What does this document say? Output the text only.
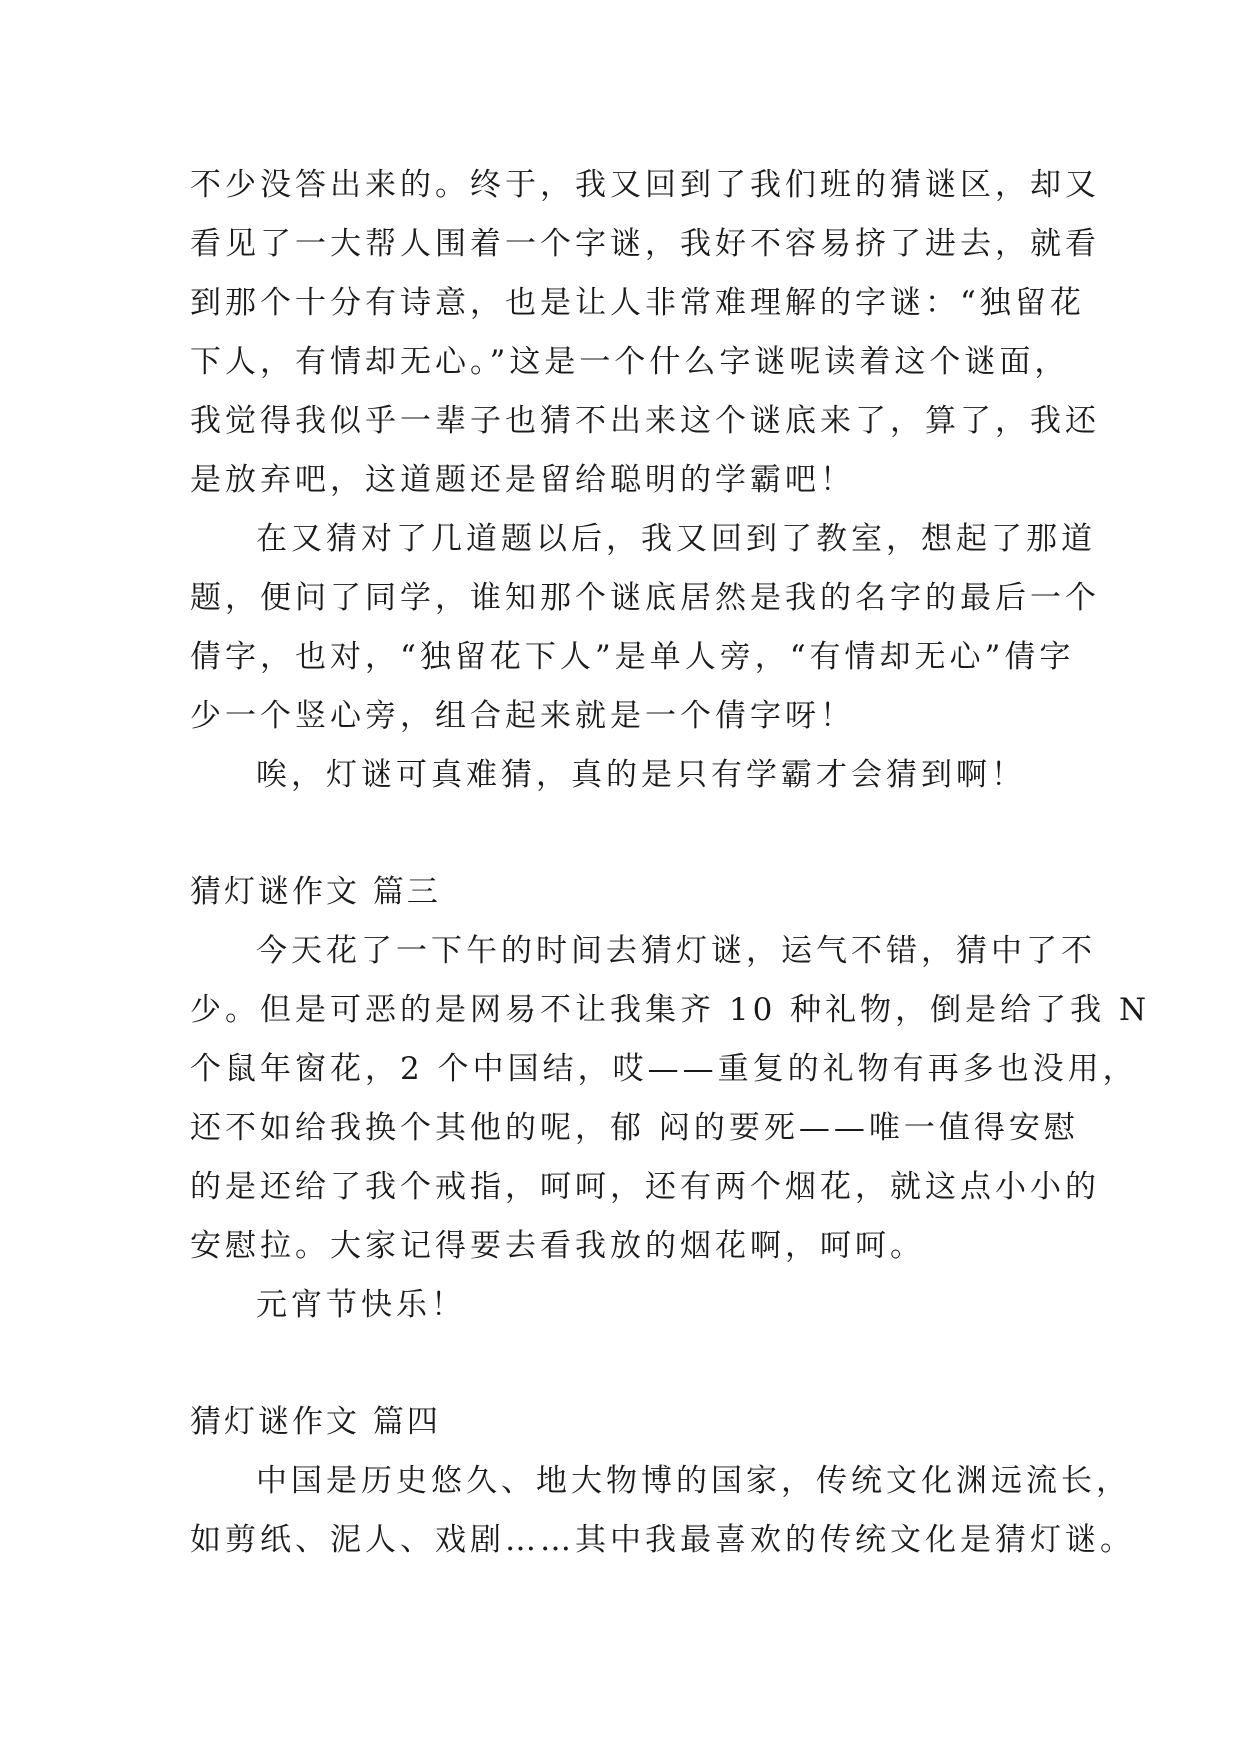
不少没答出来的。终于，我又回到了我们班的猜谜区，却又
看见了一大帮人围着一个字谜，我好不容易挤了进去，就看
到那个十分有诗意，也是让人非常难理解的字谜：“独留花
下人，有情却无心。”这是一个什么字谜呢读着这个谜面，
我觉得我似乎一辈子也猜不出来这个谜底来了，算了，我还
是放弃吧，这道题还是留给聪明的学霸吧！
在又猜对了几道题以后，我又回到了教室，想起了那道
题，便问了同学，谁知那个谜底居然是我的名字的最后一个
倩字，也对，“独留花下人”是单人旁，“有情却无心”倩字
少一个竖心旁，组合起来就是一个倩字呀！
唉，灯谜可真难猜，真的是只有学霸才会猜到啊！
猜灯谜作文 篇三
今天花了一下午的时间去猜灯谜，运气不错，猜中了不
少。但是可恶的是网易不让我集齐 10 种礼物，倒是给了我 N
个鼠年窗花，2 个中国结，哎——重复的礼物有再多也没用，
还不如给我换个其他的呢，郁 闷的要死——唯一值得安慰
的是还给了我个戒指，呵呵，还有两个烟花，就这点小小的
安慰拉。大家记得要去看我放的烟花啊，呵呵。
元宵节快乐！
猜灯谜作文 篇四
中国是历史悠久、地大物博的国家，传统文化渊远流长，
如剪纸、泥人、戏剧……其中我最喜欢的传统文化是猜灯谜。
